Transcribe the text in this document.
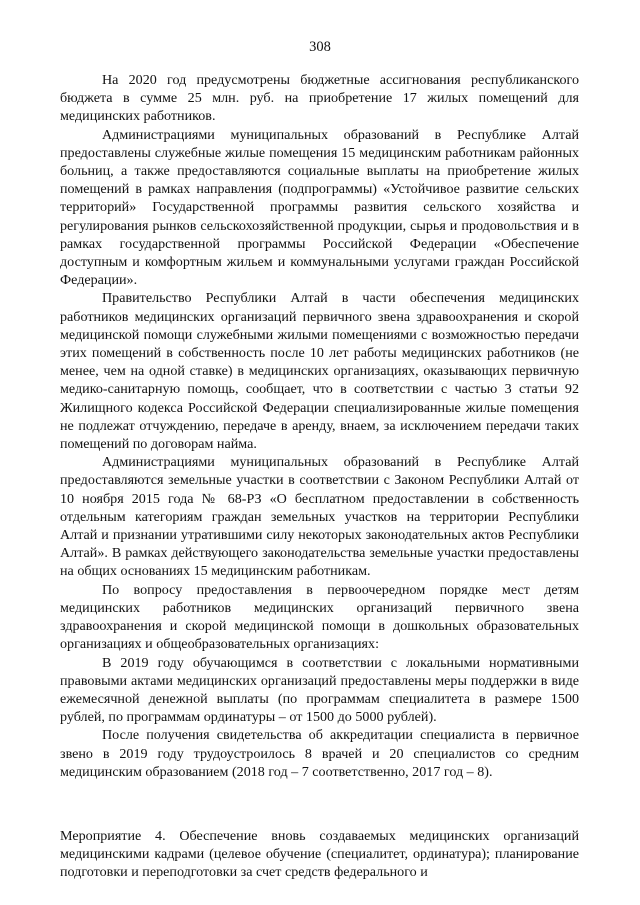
308

На 2020 год предусмотрены бюджетные ассигнования республиканского бюджета в сумме 25 млн. руб. на приобретение 17 жилых помещений для медицинских работников.

Администрациями муниципальных образований в Республике Алтай предоставлены служебные жилые помещения 15 медицинским работникам районных больниц, а также предоставляются социальные выплаты на приобретение жилых помещений в рамках направления (подпрограммы) «Устойчивое развитие сельских территорий» Государственной программы развития сельского хозяйства и регулирования рынков сельскохозяйственной продукции, сырья и продовольствия и в рамках государственной программы Российской Федерации «Обеспечение доступным и комфортным жильем и коммунальными услугами граждан Российской Федерации».

Правительство Республики Алтай в части обеспечения медицинских работников медицинских организаций первичного звена здравоохранения и скорой медицинской помощи служебными жилыми помещениями с возможностью передачи этих помещений в собственность после 10 лет работы медицинских работников (не менее, чем на одной ставке) в медицинских организациях, оказывающих первичную медико-санитарную помощь, сообщает, что в соответствии с частью 3 статьи 92 Жилищного кодекса Российской Федерации специализированные жилые помещения не подлежат отчуждению, передаче в аренду, внаем, за исключением передачи таких помещений по договорам найма.

Администрациями муниципальных образований в Республике Алтай предоставляются земельные участки в соответствии с Законом Республики Алтай от 10 ноября 2015 года № 68-РЗ «О бесплатном предоставлении в собственность отдельным категориям граждан земельных участков на территории Республики Алтай и признании утратившими силу некоторых законодательных актов Республики Алтай». В рамках действующего законодательства земельные участки предоставлены на общих основаниях 15 медицинским работникам.

По вопросу предоставления в первоочередном порядке мест детям медицинских работников медицинских организаций первичного звена здравоохранения и скорой медицинской помощи в дошкольных образовательных организациях и общеобразовательных организациях:

В 2019 году обучающимся в соответствии с локальными нормативными правовыми актами медицинских организаций предоставлены меры поддержки в виде ежемесячной денежной выплаты (по программам специалитета в размере 1500 рублей, по программам ординатуры – от 1500 до 5000 рублей).

После получения свидетельства об аккредитации специалиста в первичное звено в 2019 году трудоустроилось 8 врачей и 20 специалистов со средним медицинским образованием (2018 год – 7 соответственно, 2017 год – 8).

Мероприятие 4. Обеспечение вновь создаваемых медицинских организаций медицинскими кадрами (целевое обучение (специалитет, ординатура); планирование подготовки и переподготовки за счет средств федерального и
